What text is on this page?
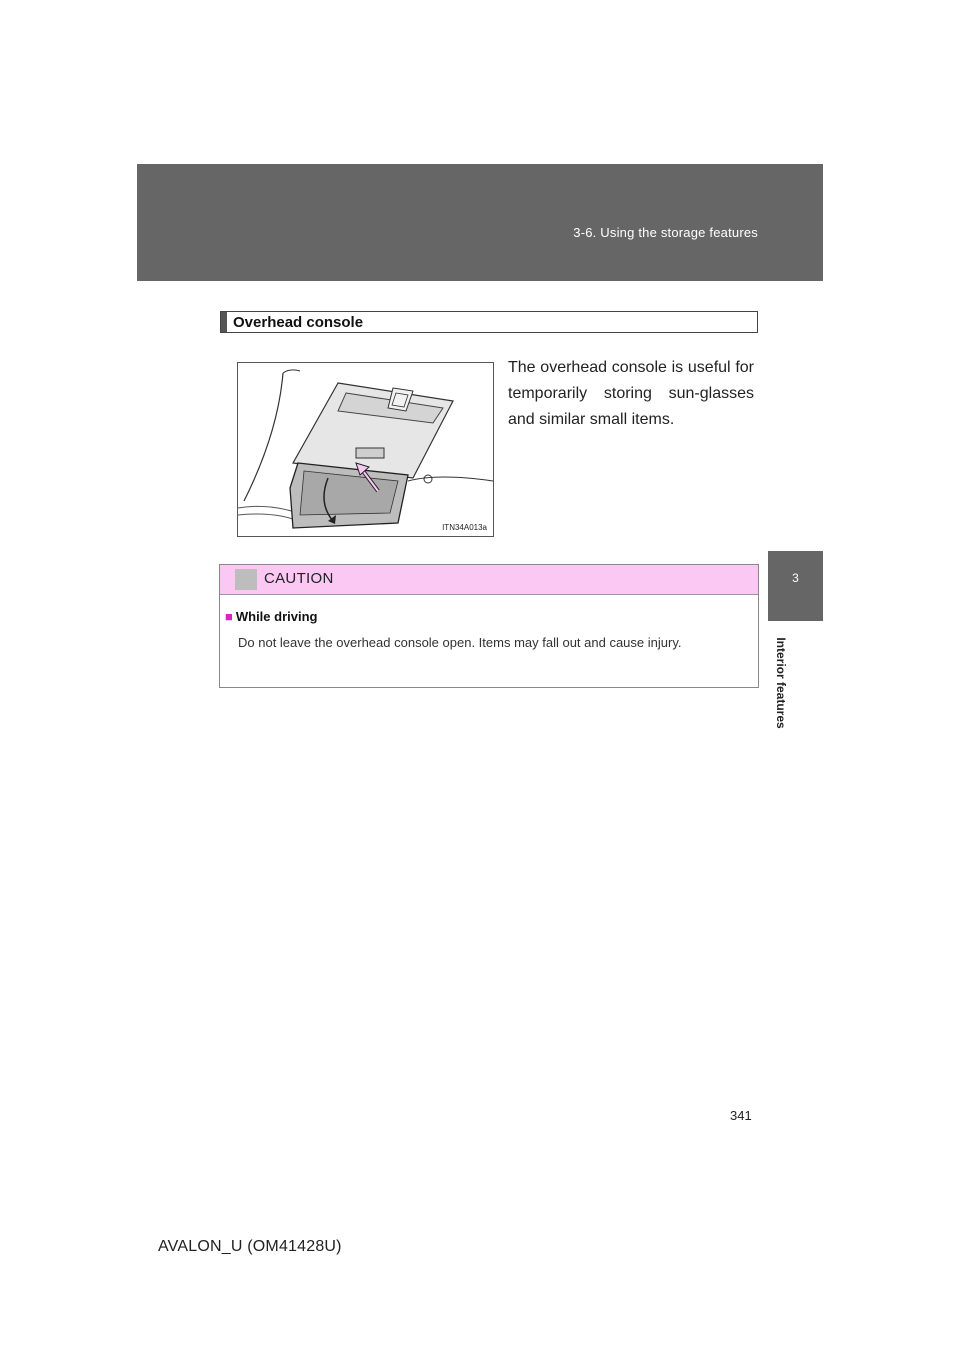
3-6. Using the storage features
3
Interior features
Overhead console
ITN34A013a
The overhead console is useful for temporarily storing sun-glasses and similar small items.
CAUTION
■ While driving
Do not leave the overhead console open. Items may fall out and cause injury.
341
AVALON_U (OM41428U)
